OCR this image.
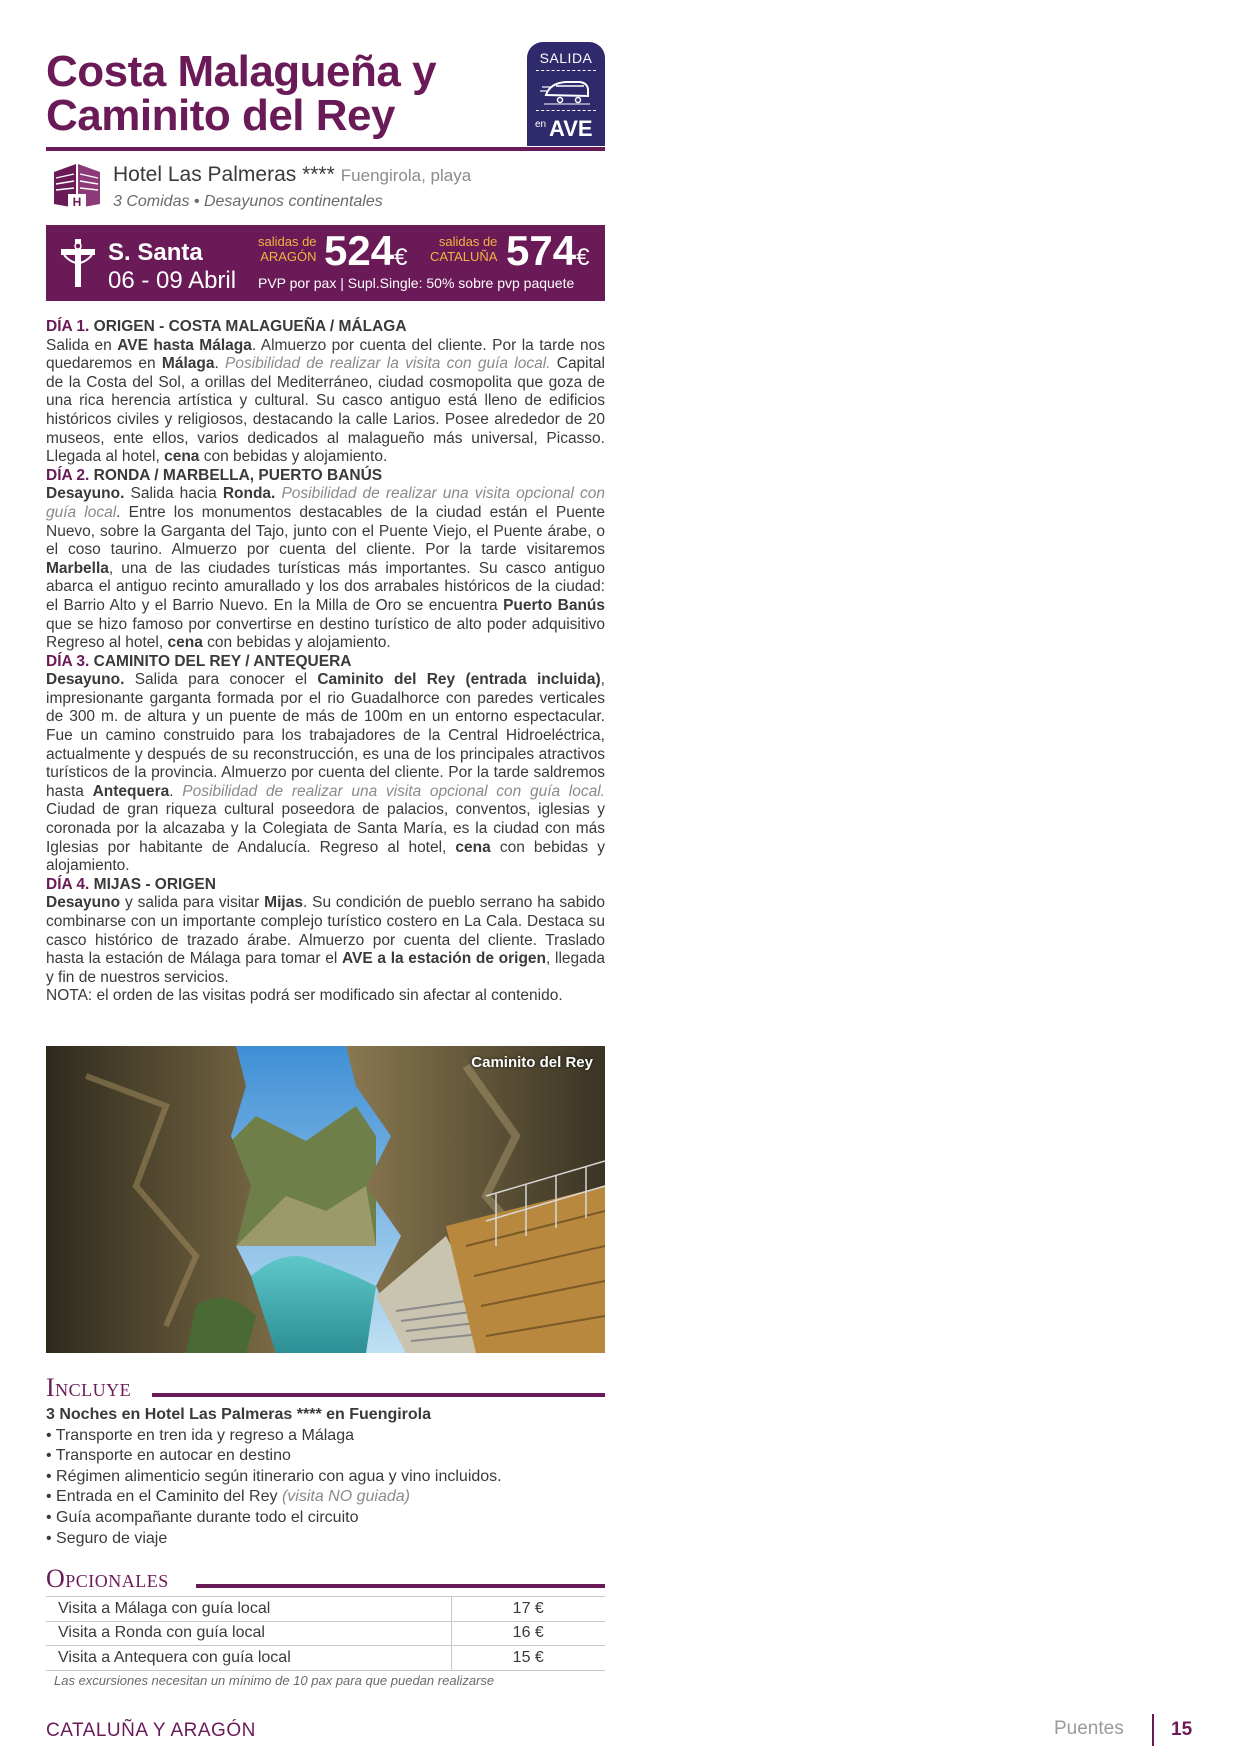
Costa Malagueña y
Caminito del Rey
SALIDA
en AVE
H
Hotel Las Palmeras **** Fuengirola, playa
3 Comidas • Desayunos continentales
S. Santa
06 - 09 Abril
salidas de
ARAGÓN 524€
salidas de
CATALUÑA 574€
PVP por pax | Supl.Single: 50% sobre pvp paquete
DÍA 1. ORIGEN - COSTA MALAGUEÑA / MÁLAGA
Salida en AVE hasta Málaga. Almuerzo por cuenta del cliente. Por la tarde nos quedaremos en Málaga. Posibilidad de realizar la visita con guía local. Capital de la Costa del Sol, a orillas del Mediterráneo, ciudad cosmopolita que goza de una rica herencia artística y cultural. Su casco antiguo está lleno de edificios históricos civiles y religiosos, destacando la calle Larios. Posee alrededor de 20 museos, ente ellos, varios dedicados al malagueño más universal, Picasso. Llegada al hotel, cena con bebidas y alojamiento.
DÍA 2. RONDA / MARBELLA, PUERTO BANÚS
Desayuno. Salida hacia Ronda. Posibilidad de realizar una visita opcional con guía local. Entre los monumentos destacables de la ciudad están el Puente Nuevo, sobre la Garganta del Tajo, junto con el Puente Viejo, el Puente árabe, o el coso taurino. Almuerzo por cuenta del cliente. Por la tarde visitaremos Marbella, una de las ciudades turísticas más importantes. Su casco antiguo abarca el antiguo recinto amurallado y los dos arrabales históricos de la ciudad: el Barrio Alto y el Barrio Nuevo. En la Milla de Oro se encuentra Puerto Banús que se hizo famoso por convertirse en destino turístico de alto poder adquisitivo Regreso al hotel, cena con bebidas y alojamiento.
DÍA 3. CAMINITO DEL REY / ANTEQUERA
Desayuno. Salida para conocer el Caminito del Rey (entrada incluida), impresionante garganta formada por el rio Guadalhorce con paredes verticales de 300 m. de altura y un puente de más de 100m en un entorno espectacular. Fue un camino construido para los trabajadores de la Central Hidroeléctrica, actualmente y después de su reconstrucción, es una de los principales atractivos turísticos de la provincia. Almuerzo por cuenta del cliente. Por la tarde saldremos hasta Antequera. Posibilidad de realizar una visita opcional con guía local. Ciudad de gran riqueza cultural poseedora de palacios, conventos, iglesias y coronada por la alcazaba y la Colegiata de Santa María, es la ciudad con más Iglesias por habitante de Andalucía. Regreso al hotel, cena con bebidas y alojamiento.
DÍA 4. MIJAS - ORIGEN
Desayuno y salida para visitar Mijas. Su condición de pueblo serrano ha sabido combinarse con un importante complejo turístico costero en La Cala. Destaca su casco histórico de trazado árabe. Almuerzo por cuenta del cliente. Traslado hasta la estación de Málaga para tomar el AVE a la estación de origen, llegada y fin de nuestros servicios.
NOTA: el orden de las visitas podrá ser modificado sin afectar al contenido.
Caminito del Rey
INCLUYE
3 Noches en Hotel Las Palmeras **** en Fuengirola
• Transporte en tren ida y regreso a Málaga
• Transporte en autocar en destino
• Régimen alimenticio según itinerario con agua y vino incluidos.
• Entrada en el Caminito del Rey (visita NO guiada)
• Guía acompañante durante todo el circuito
• Seguro de viaje
OPCIONALES
Visita a Málaga con guía local	17 €
Visita a Ronda con guía local	16 €
Visita a Antequera con guía local	15 €
Las excursiones necesitan un mínimo de 10 pax para que puedan realizarse
CATALUÑA Y ARAGÓN	Puentes 15
